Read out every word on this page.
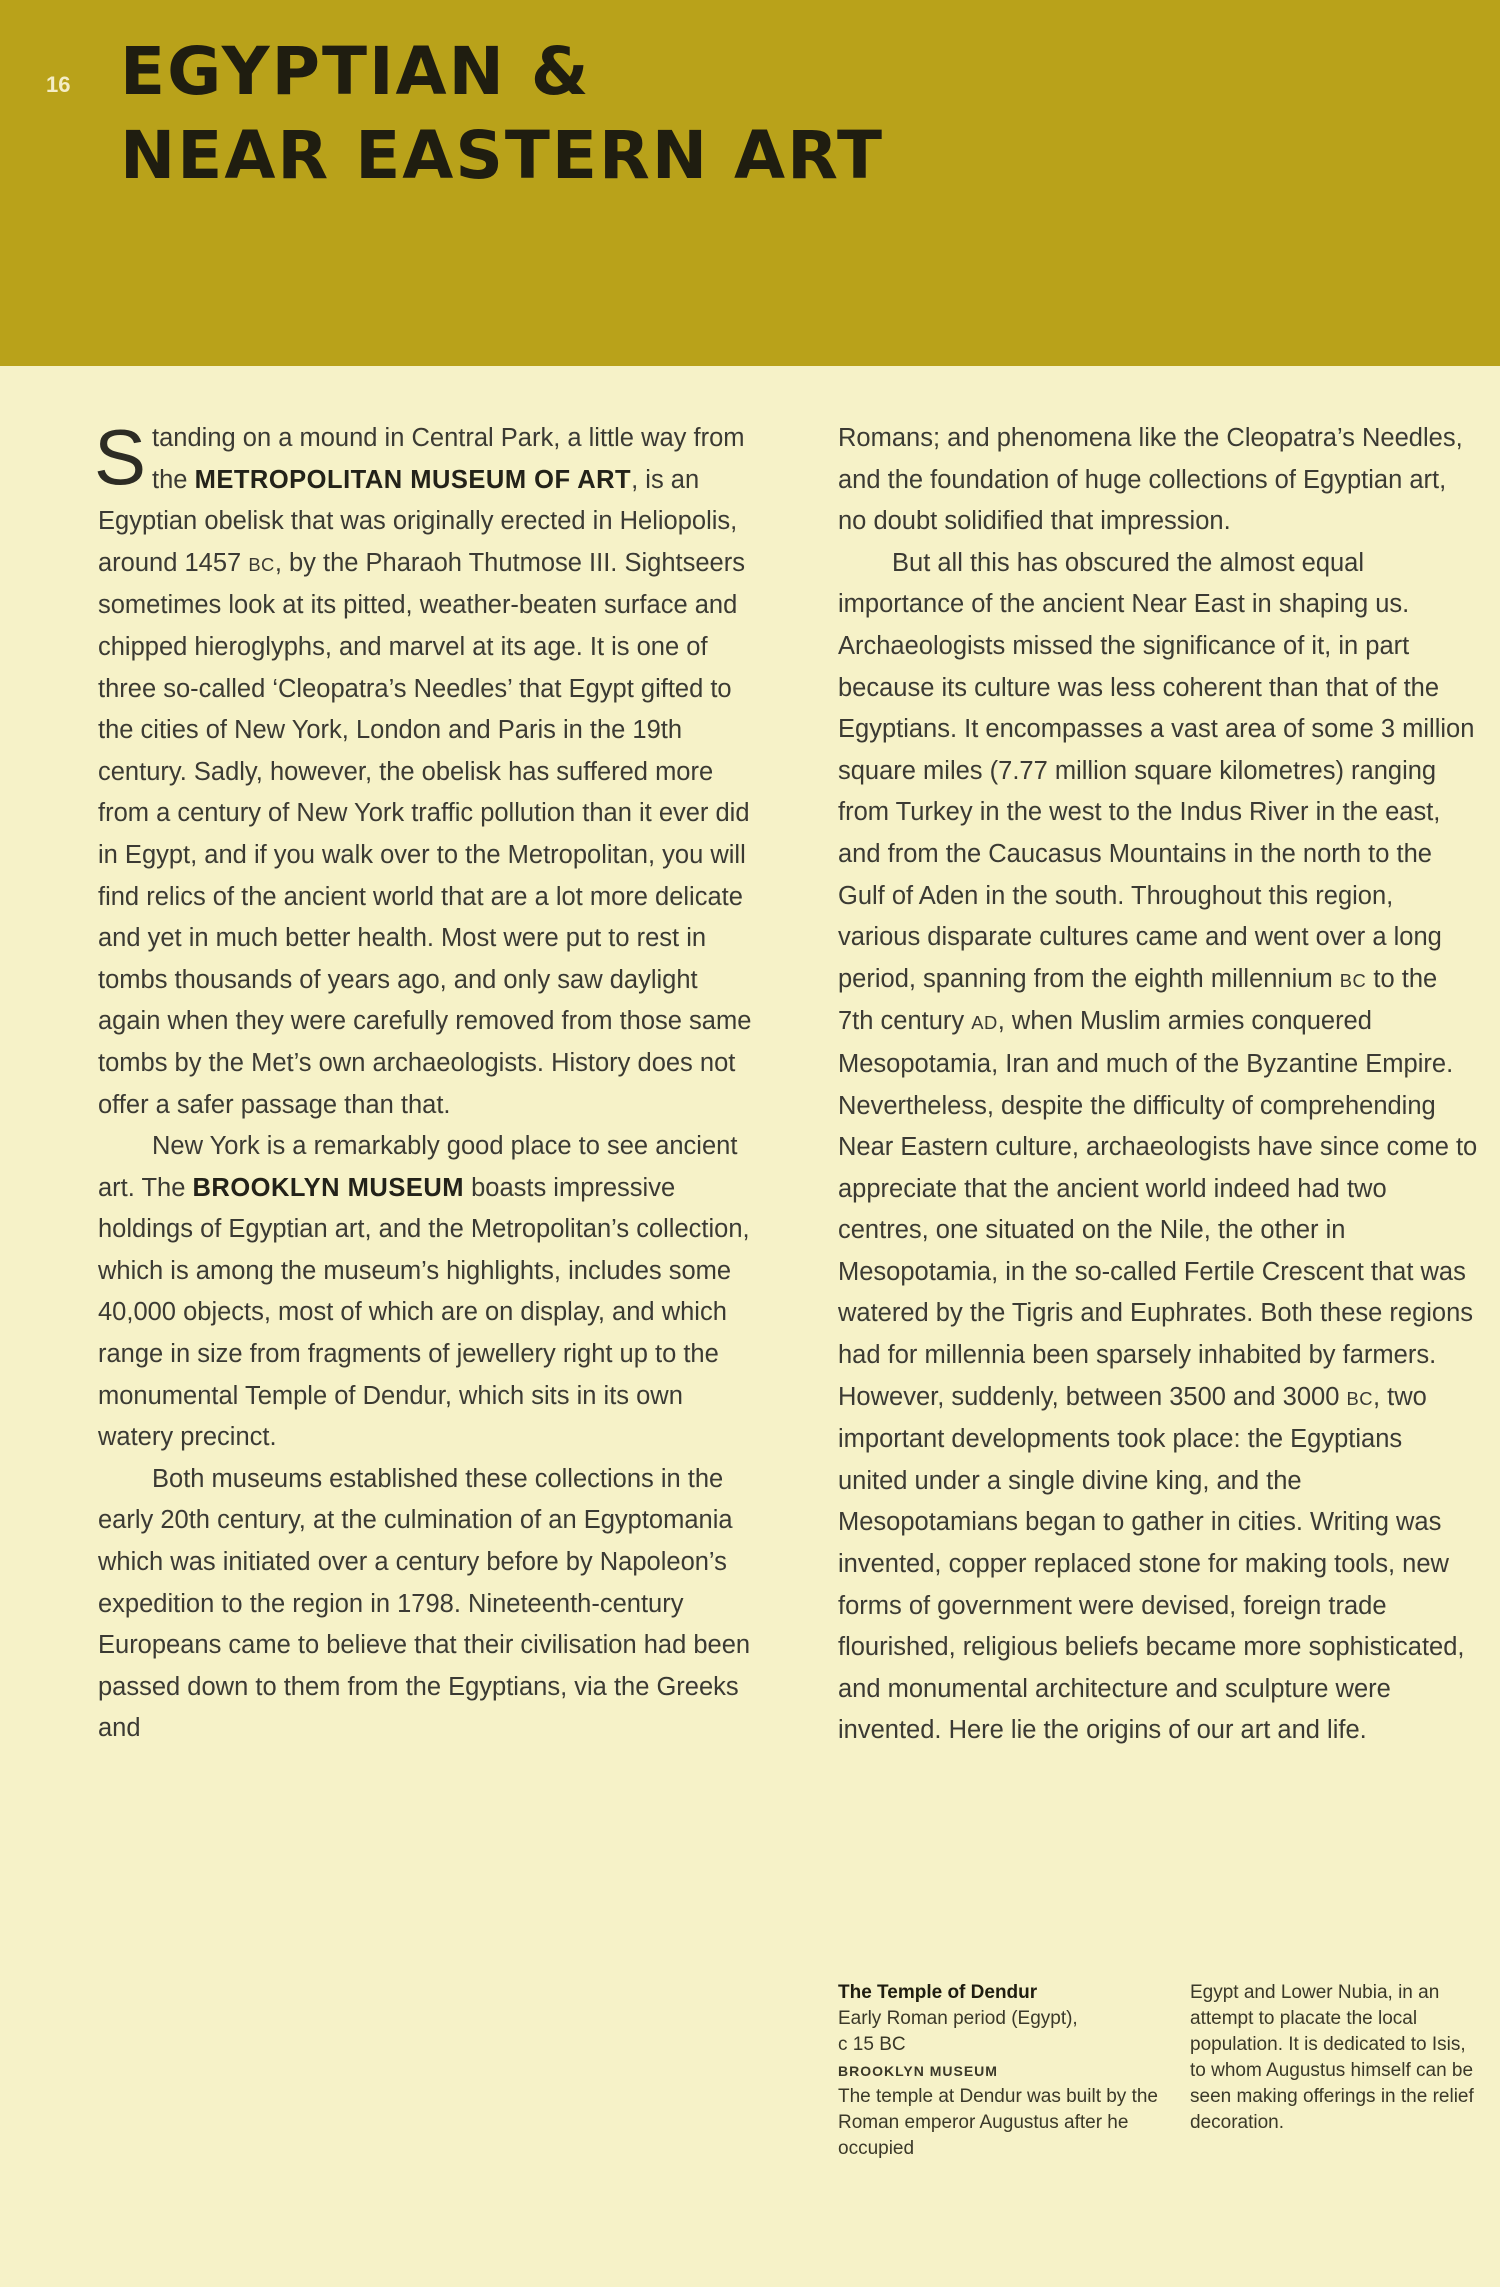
16 EGYPTIAN &
NEAR EASTERN ART

Standing on a mound in Central Park, a little way from the METROPOLITAN MUSEUM OF ART, is an Egyptian obelisk that was originally erected in Heliopolis, around 1457 BC, by the Pharaoh Thutmose III. Sightseers sometimes look at its pitted, weather-beaten surface and chipped hieroglyphs, and marvel at its age. It is one of three so-called ‘Cleopatra’s Needles’ that Egypt gifted to the cities of New York, London and Paris in the 19th century. Sadly, however, the obelisk has suffered more from a century of New York traffic pollution than it ever did in Egypt, and if you walk over to the Metropolitan, you will find relics of the ancient world that are a lot more delicate and yet in much better health. Most were put to rest in tombs thousands of years ago, and only saw daylight again when they were carefully removed from those same tombs by the Met’s own archaeologists. History does not offer a safer passage than that.

New York is a remarkably good place to see ancient art. The BROOKLYN MUSEUM boasts impressive holdings of Egyptian art, and the Metropolitan’s collection, which is among the museum’s highlights, includes some 40,000 objects, most of which are on display, and which range in size from fragments of jewellery right up to the monumental Temple of Dendur, which sits in its own watery precinct.

Both museums established these collections in the early 20th century, at the culmination of an Egyptomania which was initiated over a century before by Napoleon’s expedition to the region in 1798. Nineteenth-century Europeans came to believe that their civilisation had been passed down to them from the Egyptians, via the Greeks and

Romans; and phenomena like the Cleopatra’s Needles, and the foundation of huge collections of Egyptian art, no doubt solidified that impression.

But all this has obscured the almost equal importance of the ancient Near East in shaping us. Archaeologists missed the significance of it, in part because its culture was less coherent than that of the Egyptians. It encompasses a vast area of some 3 million square miles (7.77 million square kilometres) ranging from Turkey in the west to the Indus River in the east, and from the Caucasus Mountains in the north to the Gulf of Aden in the south. Throughout this region, various disparate cultures came and went over a long period, spanning from the eighth millennium BC to the 7th century AD, when Muslim armies conquered Mesopotamia, Iran and much of the Byzantine Empire. Nevertheless, despite the difficulty of comprehending Near Eastern culture, archaeologists have since come to appreciate that the ancient world indeed had two centres, one situated on the Nile, the other in Mesopotamia, in the so-called Fertile Crescent that was watered by the Tigris and Euphrates. Both these regions had for millennia been sparsely inhabited by farmers. However, suddenly, between 3500 and 3000 BC, two important developments took place: the Egyptians united under a single divine king, and the Mesopotamians began to gather in cities. Writing was invented, copper replaced stone for making tools, new forms of government were devised, foreign trade flourished, religious beliefs became more sophisticated, and monumental architecture and sculpture were invented. Here lie the origins of our art and life.

The Temple of Dendur
Early Roman period (Egypt),
c 15 BC
BROOKLYN MUSEUM
The temple at Dendur was built by the Roman emperor Augustus after he occupied
Egypt and Lower Nubia, in an attempt to placate the local population. It is dedicated to Isis, to whom Augustus himself can be seen making offerings in the relief decoration.
